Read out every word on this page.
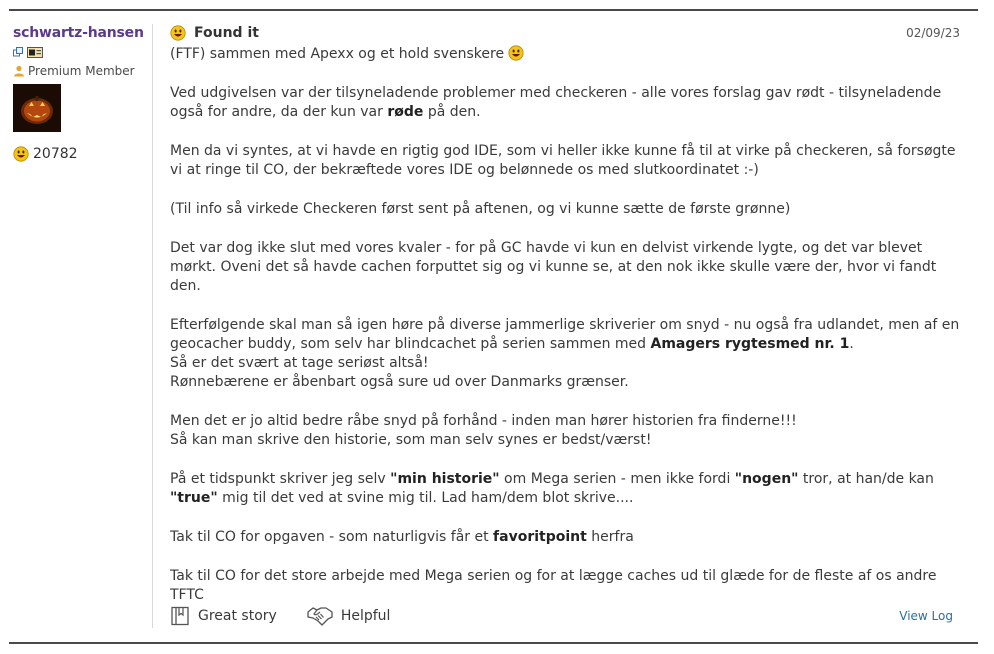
schwartz-hansen
Premium Member
20782
Found it	02/09/23

(FTF) sammen med Apexx og et hold svenskere

Ved udgivelsen var der tilsyneladende problemer med checkeren - alle vores forslag gav rødt - tilsyneladende også for andre, da der kun var røde på den.

Men da vi syntes, at vi havde en rigtig god IDE, som vi heller ikke kunne få til at virke på checkeren, så forsøgte vi at ringe til CO, der bekræftede vores IDE og belønnede os med slutkoordinatet :-)

(Til info så virkede Checkeren først sent på aftenen, og vi kunne sætte de første grønne)

Det var dog ikke slut med vores kvaler - for på GC havde vi kun en delvist virkende lygte, og det var blevet mørkt. Oveni det så havde cachen forputtet sig og vi kunne se, at den nok ikke skulle være der, hvor vi fandt den.

Efterfølgende skal man så igen høre på diverse jammerlige skriverier om snyd - nu også fra udlandet, men af en geocacher buddy, som selv har blindcachet på serien sammen med Amagers rygtesmed nr. 1.
Så er det svært at tage seriøst altså!
Rønnebærene er åbenbart også sure ud over Danmarks grænser.

Men det er jo altid bedre råbe snyd på forhånd - inden man hører historien fra finderne!!!
Så kan man skrive den historie, som man selv synes er bedst/værst!

På et tidspunkt skriver jeg selv "min historie" om Mega serien - men ikke fordi "nogen" tror, at han/de kan "true" mig til det ved at svine mig til. Lad ham/dem blot skrive....

Tak til CO for opgaven - som naturligvis får et favoritpoint herfra

Tak til CO for det store arbejde med Mega serien og for at lægge caches ud til glæde for de fleste af os andre TFTC

Great story	Helpful	View Log
